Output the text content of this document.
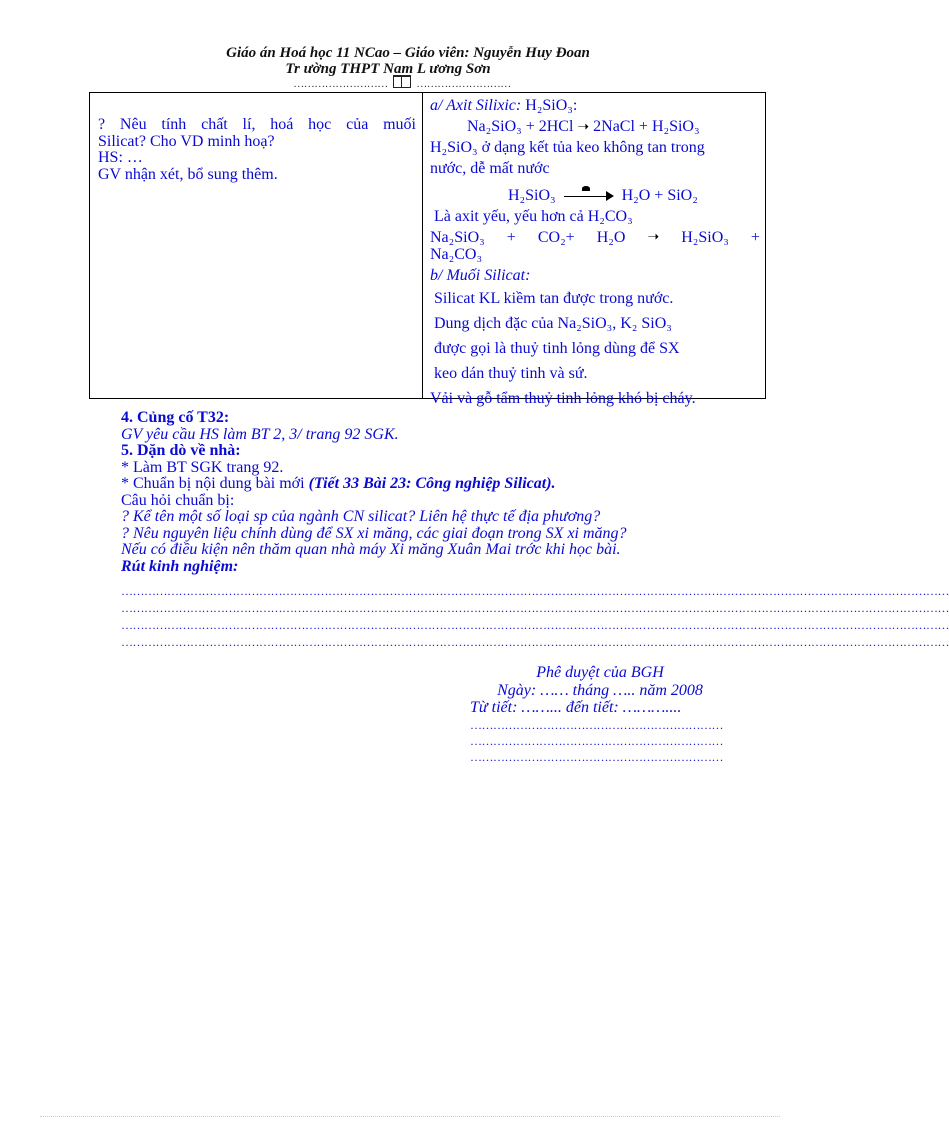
Giáo án Hoá học 11 NCao – Giáo viên: Nguyễn Huy Đoan
Tr ường THPT Nam L ương Sơn
………………………	………………………
? Nêu tính chất lí, hoá học của muối
Silicat? Cho VD minh hoạ?
HS: …
GV nhận xét, bổ sung thêm.
a/ Axit Silixic: H₂SiO₃:
Na₂SiO₃ + 2HCl ➝ 2NaCl + H₂SiO₃
H₂SiO₃ ở dạng kết tủa keo không tan trong
nước, dễ mất nước
H₂SiO₃	H₂O + SiO₂
Là axit yếu, yếu hơn cả H₂CO₃
Na₂SiO₃ + CO₂+ H₂O ➝ H₂SiO₃ +
Na₂CO₃
b/ Muối Silicat:
Silicat KL kiềm tan được trong nước.
Dung dịch đặc của Na₂SiO₃, K₂ SiO₃
được gọi là thuỷ tinh lỏng dùng để SX
keo dán thuỷ tinh và sứ.
Vải và gỗ tẩm thuỷ tinh lỏng khó bị cháy.
4. Củng cố T32:
GV yêu cầu HS làm BT 2, 3/ trang 92 SGK.
5. Dặn dò về nhà:
* Làm BT SGK trang 92.
* Chuẩn bị nội dung bài mới (Tiết 33 Bài 23: Công nghiệp Silicat).
Câu hỏi chuẩn bị:
? Kể tên một số loại sp của ngành CN silicat? Liên hệ thực tế địa phương?
? Nêu nguyên liệu chính dùng để SX xi măng, các giai đoạn trong SX xi măng?
Nếu có điều kiện nên thăm quan nhà máy Xi măng Xuân Mai trớc khi học bài.
Rút kinh nghiệm:
………………………………………………………………………………………………………………………………………………………………………………………………
………………………………………………………………………………………………………………………………………………………………………………………………
………………………………………………………………………………………………………………………………………………………………………………………………
………………………………………………………………………………………………………………………………………………………………………………………………
Phê duyệt của BGH
Ngày: …… tháng ….. năm 2008
Từ tiết: ……... đến tiết: ………....
…………………………………………………………
…………………………………………………………
…………………………………………………………
